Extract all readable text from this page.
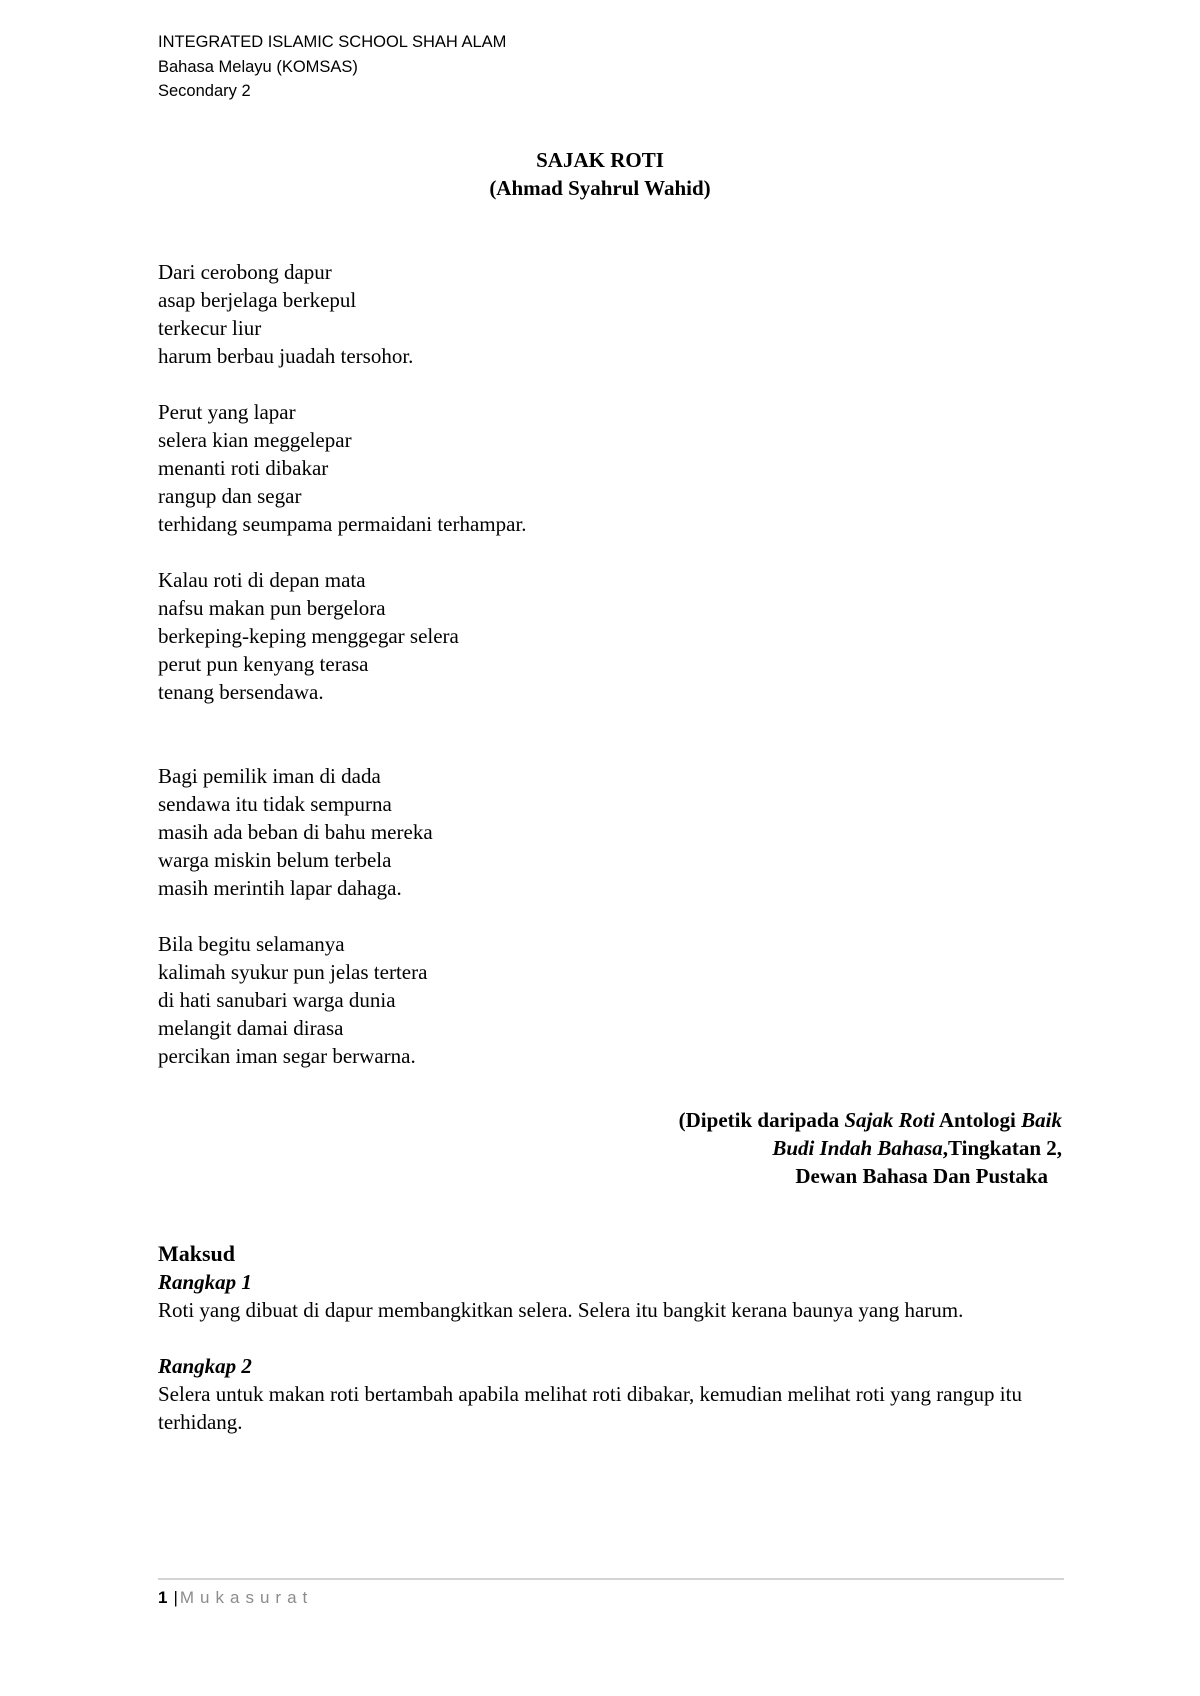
INTEGRATED ISLAMIC SCHOOL SHAH ALAM
Bahasa Melayu (KOMSAS)
Secondary 2
SAJAK ROTI
(Ahmad Syahrul Wahid)
Dari cerobong dapur
asap berjelaga berkepul
terkecur liur
harum berbau juadah tersohor.
Perut yang lapar
selera kian meggelepar
menanti roti dibakar
rangup dan segar
terhidang seumpama permaidani terhampar.
Kalau roti di depan mata
nafsu makan pun bergelora
berkeping-keping menggegar selera
perut pun kenyang terasa
tenang bersendawa.
Bagi pemilik iman di dada
sendawa itu tidak sempurna
masih ada beban di bahu mereka
warga miskin belum terbela
masih merintih lapar dahaga.
Bila begitu selamanya
kalimah syukur pun jelas tertera
di hati sanubari warga dunia
melangit damai dirasa
percikan iman segar berwarna.
(Dipetik daripada Sajak Roti Antologi Baik
Budi Indah Bahasa,Tingkatan 2,
Dewan Bahasa Dan Pustaka
Maksud
Rangkap 1

Roti yang dibuat di dapur membangkitkan selera. Selera itu bangkit kerana baunya yang harum.

Rangkap 2

Selera untuk makan roti bertambah apabila melihat roti dibakar, kemudian melihat roti yang rangup itu terhidang.

1 | Mukasurat
